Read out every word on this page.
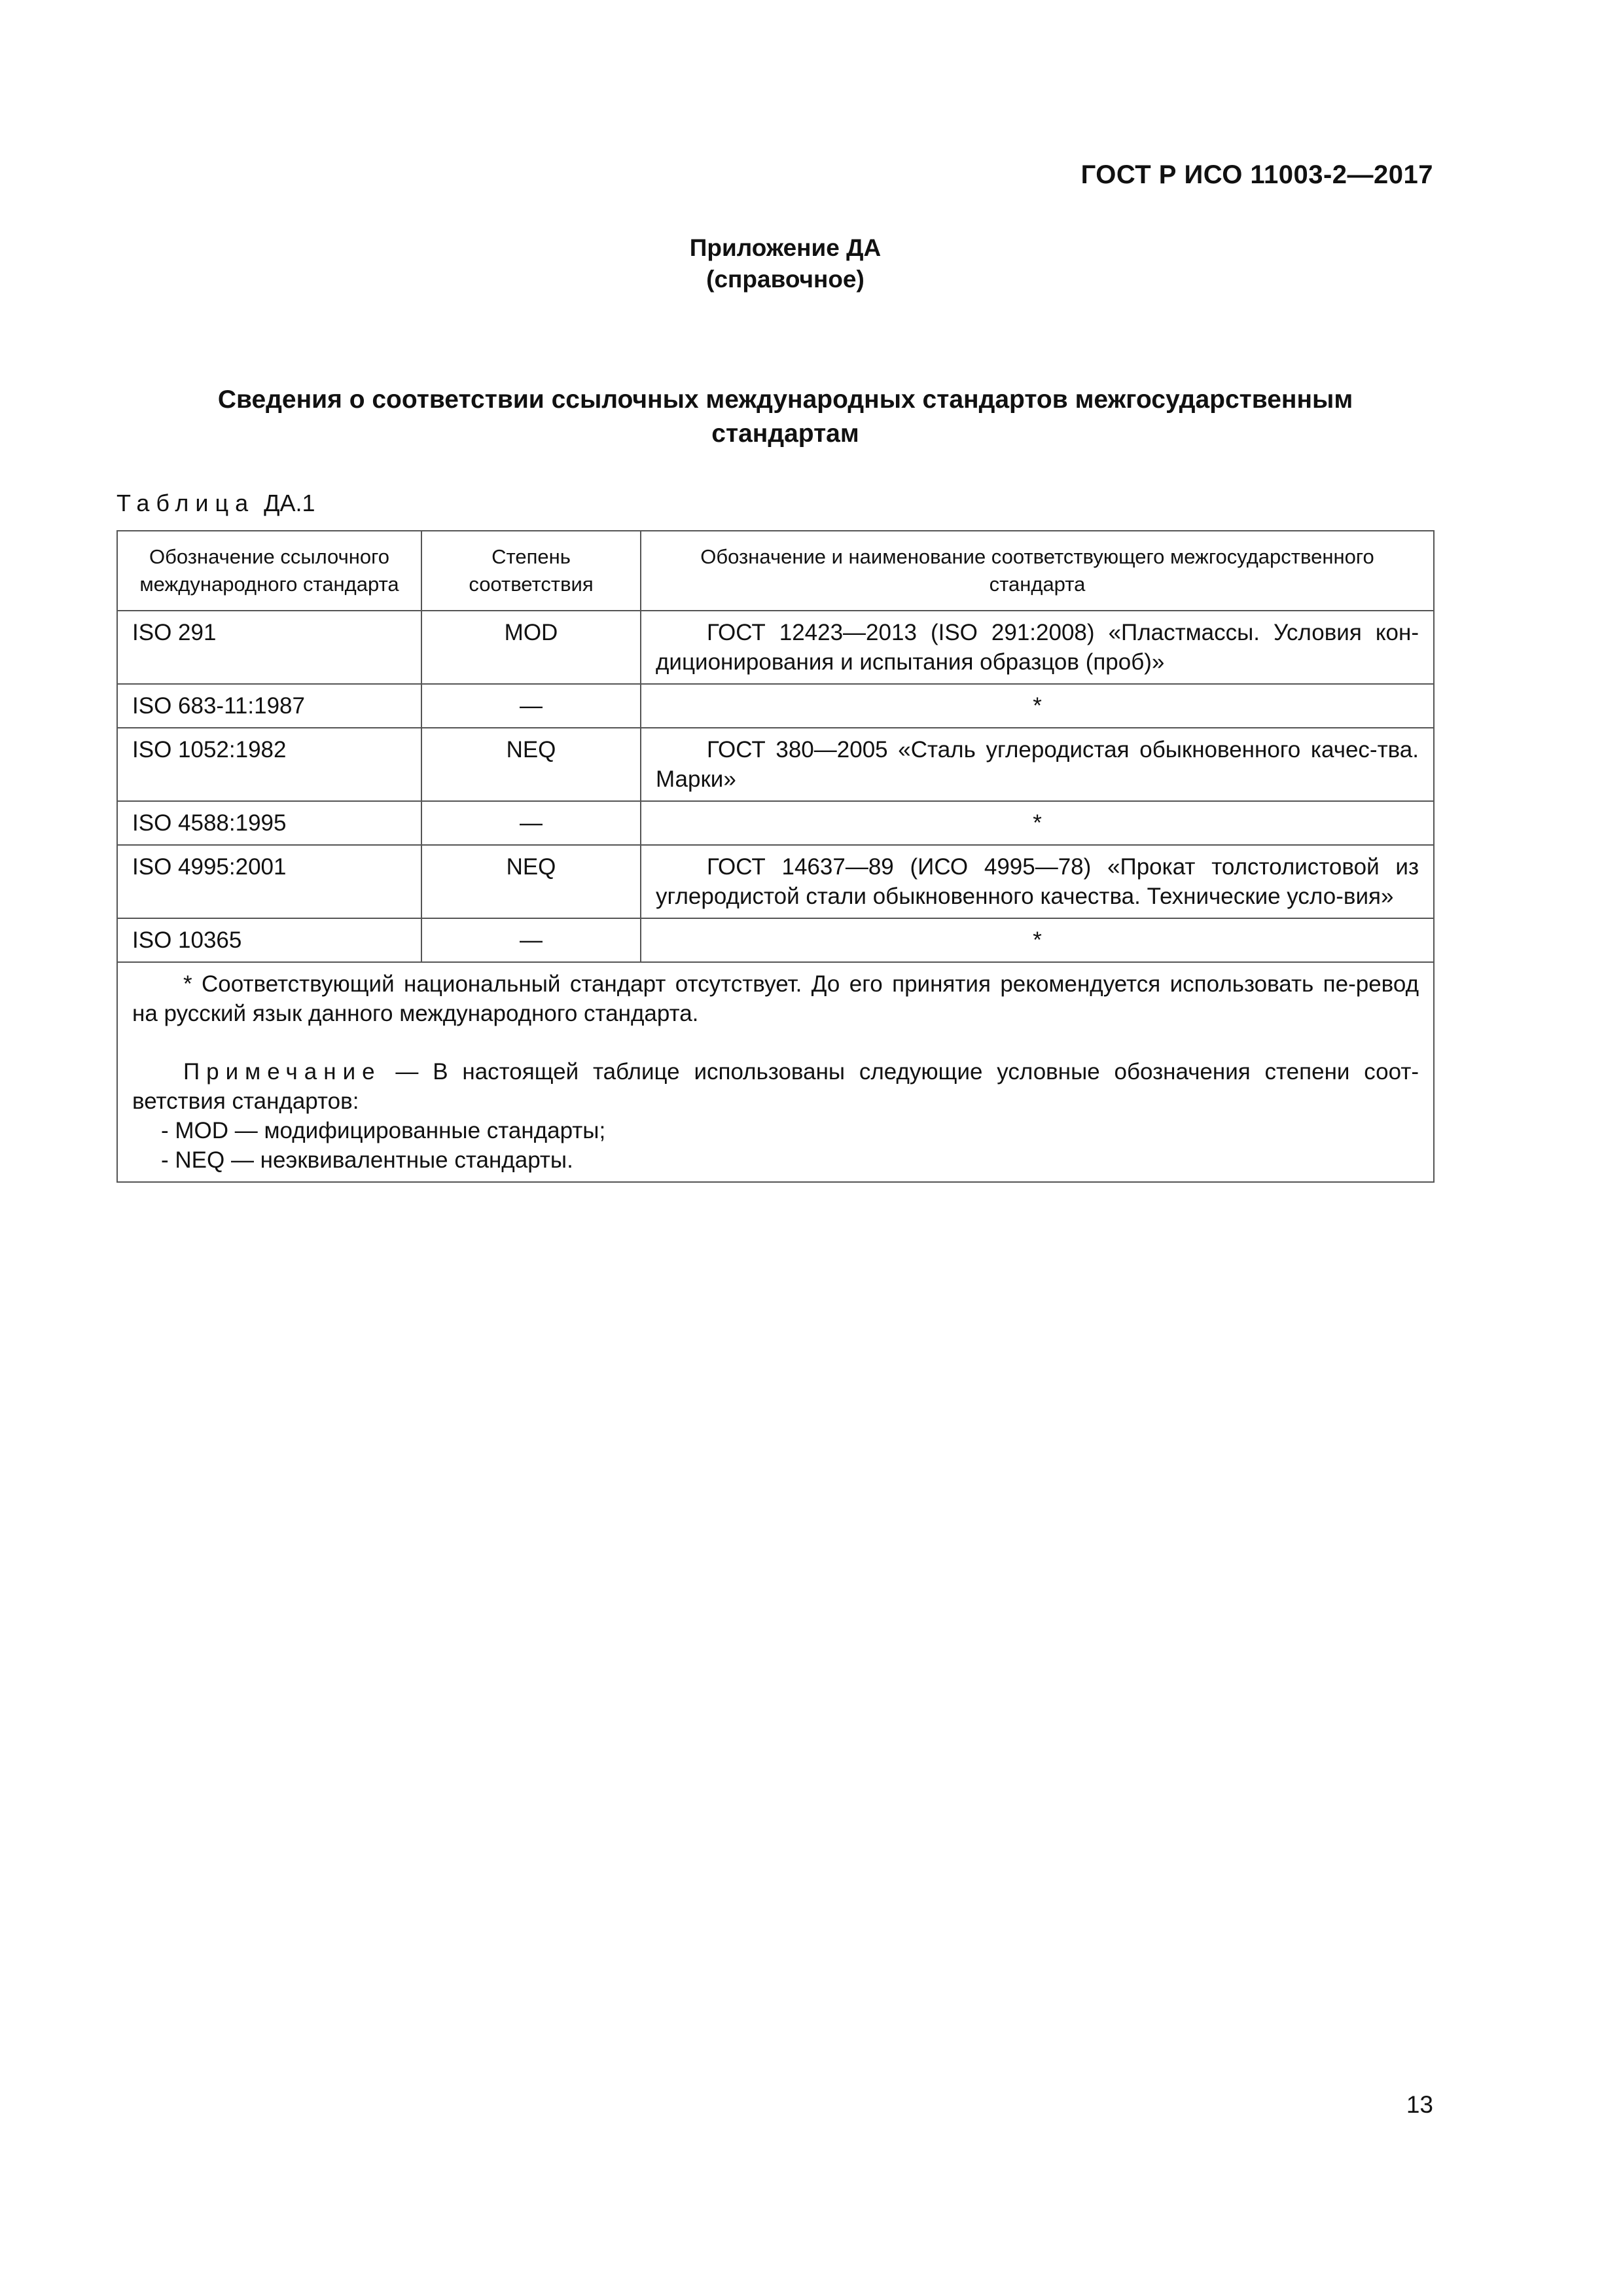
ГОСТ Р ИСО 11003-2—2017
Приложение ДА
(справочное)
Сведения о соответствии ссылочных международных стандартов межгосударственным
стандартам
Таблица ДА.1
Обозначение ссылочного международного стандарта	Степень соответствия	Обозначение и наименование соответствующего межгосударственного стандарта
ISO 291	MOD	ГОСТ 12423—2013 (ISO 291:2008) «Пластмассы. Условия кон-диционирования и испытания образцов (проб)»
ISO 683-11:1987	—	*
ISO 1052:1982	NEQ	ГОСТ 380—2005 «Сталь углеродистая обыкновенного качес-тва. Марки»
ISO 4588:1995	—	*
ISO 4995:2001	NEQ	ГОСТ 14637—89 (ИСО 4995—78) «Прокат толстолистовой из углеродистой стали обыкновенного качества. Технические усло-вия»
ISO 10365	—	*

* Соответствующий национальный стандарт отсутствует. До его принятия рекомендуется использовать пе-ревод на русский язык данного международного стандарта.

Примечание — В настоящей таблице использованы следующие условные обозначения степени соот-ветствия стандартов:

- MOD — модифицированные стандарты;

- NEQ — неэквивалентные стандарты.		

13
